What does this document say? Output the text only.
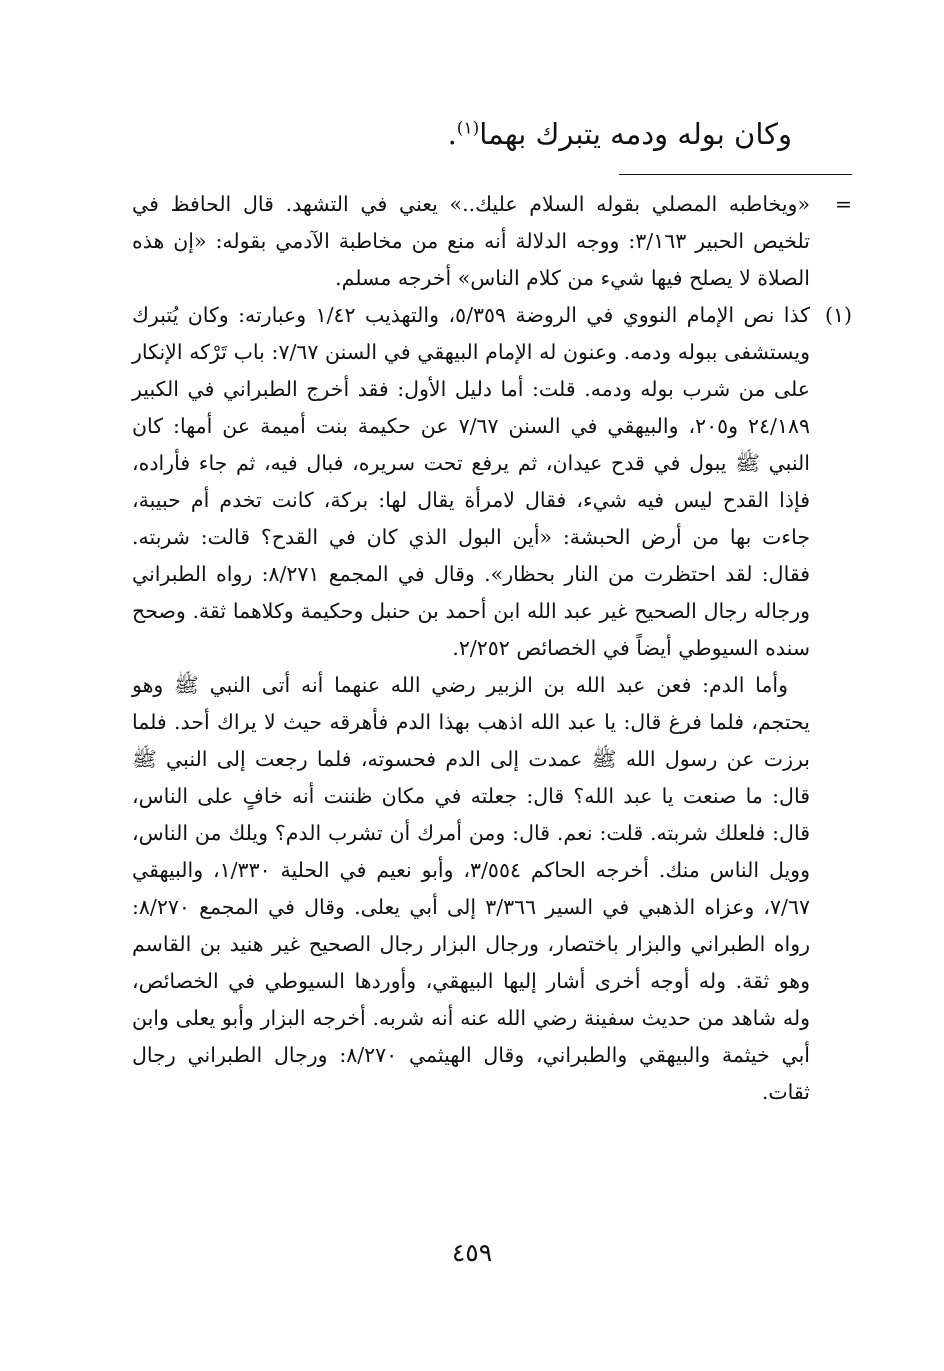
وكان بوله ودمه يتبرك بهما$^{(١)}$.
=

«ويخاطبه المصلي بقوله السلام عليك..» يعني في التشهد. قال الحافظ في تلخيص الحبير ٣/١٦٣: ووجه الدلالة أنه منع من مخاطبة الآدمي بقوله: «إن هذه الصلاة لا يصلح فيها شيء من كلام الناس» أخرجه مسلم.

(١)

كذا نص الإمام النووي في الروضة ٥/٣٥٩، والتهذيب ١/٤٢ وعبارته: وكان يُتبرك ويستشفى ببوله ودمه. وعنون له الإمام البيهقي في السنن ٧/٦٧: باب تَرْكه الإنكار على من شرب بوله ودمه. قلت: أما دليل الأول: فقد أخرج الطبراني في الكبير ٢٤/١٨٩ و٢٠٥، والبيهقي في السنن ٧/٦٧ عن حكيمة بنت أميمة عن أمها: كان النبي ﷺ يبول في قدح عيدان، ثم يرفع تحت سريره، فبال فيه، ثم جاء فأراده، فإذا القدح ليس فيه شيء، فقال لامرأة يقال لها: بركة، كانت تخدم أم حبيبة، جاءت بها من أرض الحبشة: «أين البول الذي كان في القدح؟ قالت: شربته. فقال: لقد احتظرت من النار بحظار». وقال في المجمع ٨/٢٧١: رواه الطبراني ورجاله رجال الصحيح غير عبد الله ابن أحمد بن حنبل وحكيمة وكلاهما ثقة. وصحح سنده السيوطي أيضاً في الخصائص ٢/٢٥٢.

وأما الدم: فعن عبد الله بن الزبير رضي الله عنهما أنه أتى النبي ﷺ وهو يحتجم، فلما فرغ قال: يا عبد الله اذهب بهذا الدم فأهرقه حيث لا يراك أحد. فلما برزت عن رسول الله ﷺ عمدت إلى الدم فحسوته، فلما رجعت إلى النبي ﷺ قال: ما صنعت يا عبد الله؟ قال: جعلته في مكان ظننت أنه خافٍ على الناس، قال: فلعلك شربته. قلت: نعم. قال: ومن أمرك أن تشرب الدم؟ ويلك من الناس، وويل الناس منك. أخرجه الحاكم ٣/٥٥٤، وأبو نعيم في الحلية ١/٣٣٠، والبيهقي ٧/٦٧، وعزاه الذهبي في السير ٣/٣٦٦ إلى أبي يعلى. وقال في المجمع ٨/٢٧٠: رواه الطبراني والبزار باختصار، ورجال البزار رجال الصحيح غير هنيد بن القاسم وهو ثقة. وله أوجه أخرى أشار إليها البيهقي، وأوردها السيوطي في الخصائص، وله شاهد من حديث سفينة رضي الله عنه أنه شربه. أخرجه البزار وأبو يعلى وابن أبي خيثمة والبيهقي والطبراني، وقال الهيثمي ٨/٢٧٠: ورجال الطبراني رجال ثقات.

٤٥٩
